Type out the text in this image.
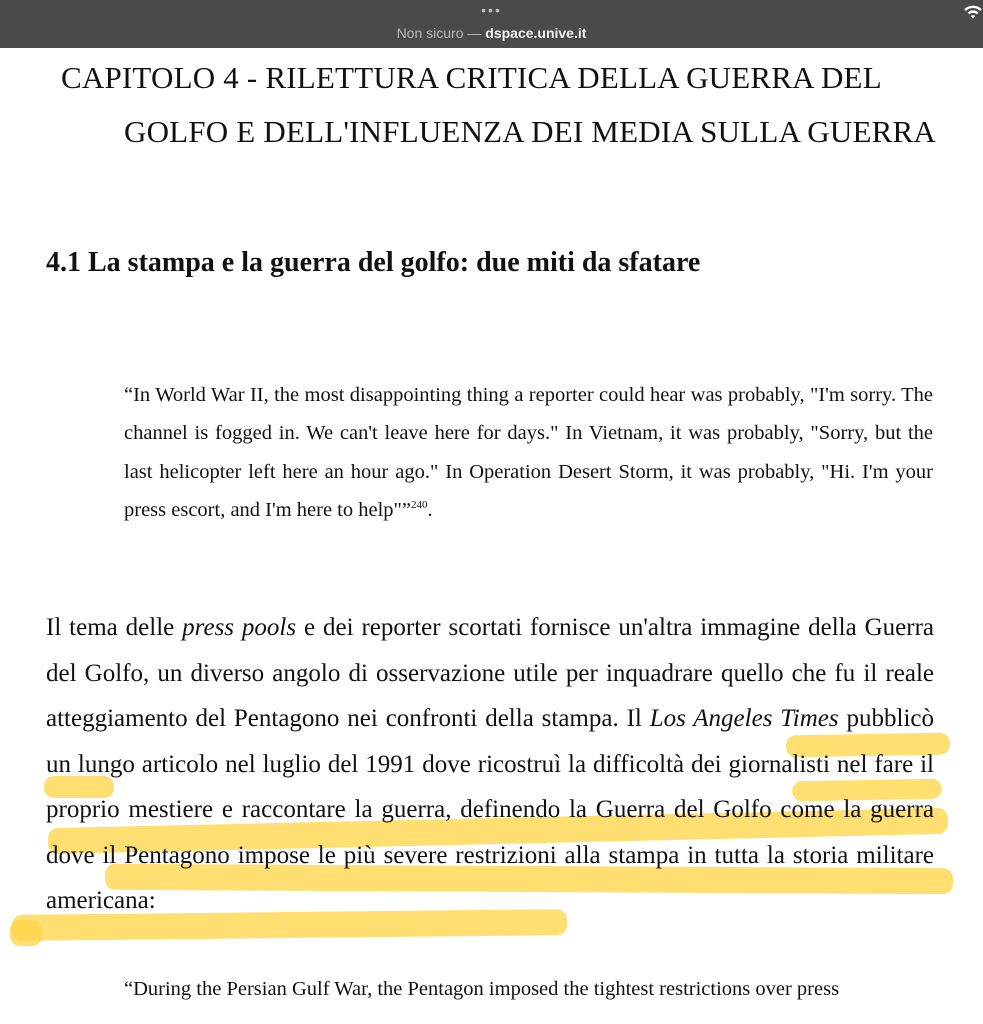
•••
Non sicuro — dspace.unive.it
CAPITOLO 4 - RILETTURA CRITICA DELLA GUERRA DEL
GOLFO E DELL'INFLUENZA DEI MEDIA SULLA GUERRA
4.1 La stampa e la guerra del golfo: due miti da sfatare
“In World War II, the most disappointing thing a reporter could hear was probably, "I'm sorry. The channel is fogged in. We can't leave here for days." In Vietnam, it was probably, "Sorry, but the last helicopter left here an hour ago." In Operation Desert Storm, it was probably, "Hi. I'm your press escort, and I'm here to help"”$^{240}$.
Il tema delle press pools e dei reporter scortati fornisce un'altra immagine della Guerra del Golfo, un diverso angolo di osservazione utile per inquadrare quello che fu il reale atteggiamento del Pentagono nei confronti della stampa. Il Los Angeles Times pubblicò un lungo articolo nel luglio del 1991 dove ricostruì la difficoltà dei giornalisti nel fare il proprio mestiere e raccontare la guerra, definendo la Guerra del Golfo come la guerra dove il Pentagono impose le più severe restrizioni alla stampa in tutta la storia militare americana:
“During the Persian Gulf War, the Pentagon imposed the tightest restrictions over press
